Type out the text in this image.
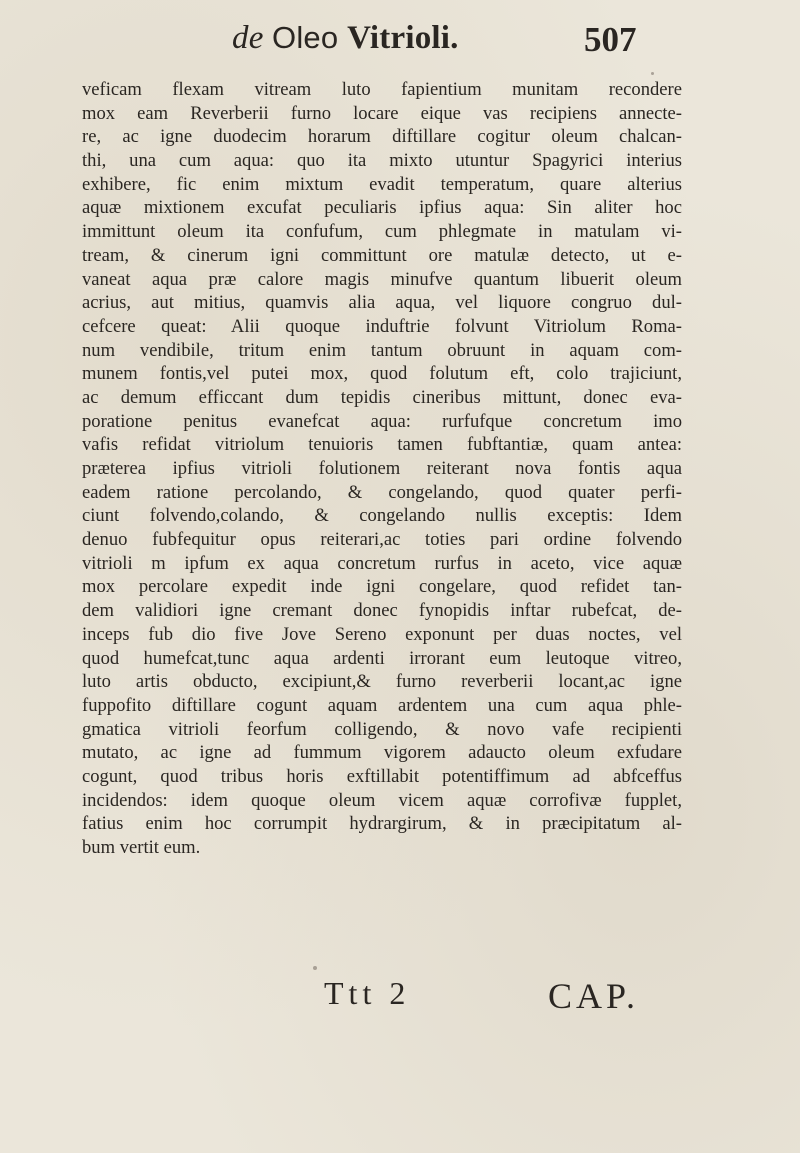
de Oleo Vitrioli.	507
veficam flexam vitream luto fapientium munitam recondere
mox eam Reverberii furno locare eique vas recipiens annecte-
re, ac igne duodecim horarum diftillare cogitur oleum chalcan-
thi, una cum aqua: quo ita mixto utuntur Spagyrici interius
exhibere, fic enim mixtum evadit temperatum, quare alterius
aquæ mixtionem excufat peculiaris ipfius aqua: Sin aliter hoc
immittunt oleum ita confufum, cum phlegmate in matulam vi-
tream, & cinerum igni committunt ore matulæ detecto, ut e-
vaneat aqua præ calore magis minufve quantum libuerit oleum
acrius, aut mitius, quamvis alia aqua, vel liquore congruo dul-
cefcere queat: Alii quoque induftrie folvunt Vitriolum Roma-
num vendibile, tritum enim tantum obruunt in aquam com-
munem fontis,vel putei mox, quod folutum eft, colo trajiciunt,
ac demum efficcant dum tepidis cineribus mittunt, donec eva-
poratione penitus evanefcat aqua: rurfufque concretum imo
vafis refidat vitriolum tenuioris tamen fubftantiæ, quam antea:
præterea ipfius vitrioli folutionem reiterant nova fontis aqua
eadem ratione percolando, & congelando, quod quater perfi-
ciunt folvendo,colando, & congelando nullis exceptis: Idem
denuo fubfequitur opus reiterari,ac toties pari ordine folvendo
vitrioli m ipfum ex aqua concretum rurfus in aceto, vice aquæ
mox percolare expedit inde igni congelare, quod refidet tan-
dem validiori igne cremant donec fynopidis inftar rubefcat, de-
inceps fub dio five Jove Sereno exponunt per duas noctes, vel
quod humefcat,tunc aqua ardenti irrorant eum leutoque vitreo,
luto artis obducto, excipiunt,& furno reverberii locant,ac igne
fuppofito diftillare cogunt aquam ardentem una cum aqua phle-
gmatica vitrioli feorfum colligendo, & novo vafe recipienti
mutato, ac igne ad fummum vigorem adaucto oleum exfudare
cogunt, quod tribus horis exftillabit potentiffimum ad abfceffus
incidendos: idem quoque oleum vicem aquæ corrofivæ fupplet,
fatius enim hoc corrumpit hydrargirum, & in præcipitatum al-
bum vertit eum.
Ttt 2	CAP.
